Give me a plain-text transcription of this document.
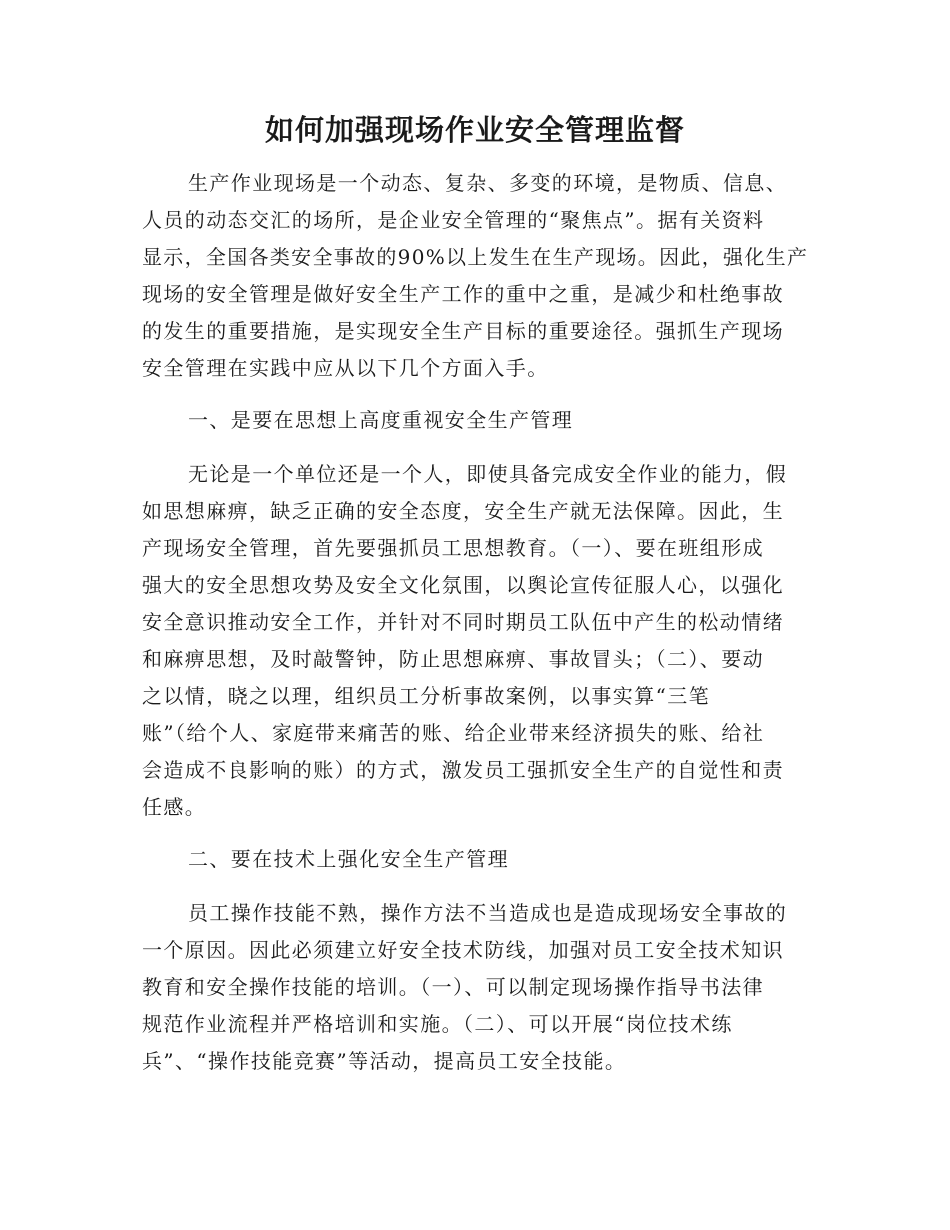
如何加强现场作业安全管理监督
生产作业现场是一个动态、复杂、多变的环境，是物质、信息、
人员的动态交汇的场所，是企业安全管理的“聚焦点”。据有关资料
显示，全国各类安全事故的90%以上发生在生产现场。因此，强化生产
现场的安全管理是做好安全生产工作的重中之重，是减少和杜绝事故
的发生的重要措施，是实现安全生产目标的重要途径。强抓生产现场
安全管理在实践中应从以下几个方面入手。
一、是要在思想上高度重视安全生产管理
无论是一个单位还是一个人，即使具备完成安全作业的能力，假
如思想麻痹，缺乏正确的安全态度，安全生产就无法保障。因此，生
产现场安全管理，首先要强抓员工思想教育。（一）、要在班组形成
强大的安全思想攻势及安全文化氛围，以舆论宣传征服人心，以强化
安全意识推动安全工作，并针对不同时期员工队伍中产生的松动情绪
和麻痹思想，及时敲警钟，防止思想麻痹、事故冒头；（二）、要动
之以情，晓之以理，组织员工分析事故案例，以事实算“三笔
账”（给个人、家庭带来痛苦的账、给企业带来经济损失的账、给社
会造成不良影响的账）的方式，激发员工强抓安全生产的自觉性和责
任感。
二、要在技术上强化安全生产管理
员工操作技能不熟，操作方法不当造成也是造成现场安全事故的
一个原因。因此必须建立好安全技术防线，加强对员工安全技术知识
教育和安全操作技能的培训。（一）、可以制定现场操作指导书法律
规范作业流程并严格培训和实施。（二）、可以开展“岗位技术练
兵”、“操作技能竞赛”等活动，提高员工安全技能。
